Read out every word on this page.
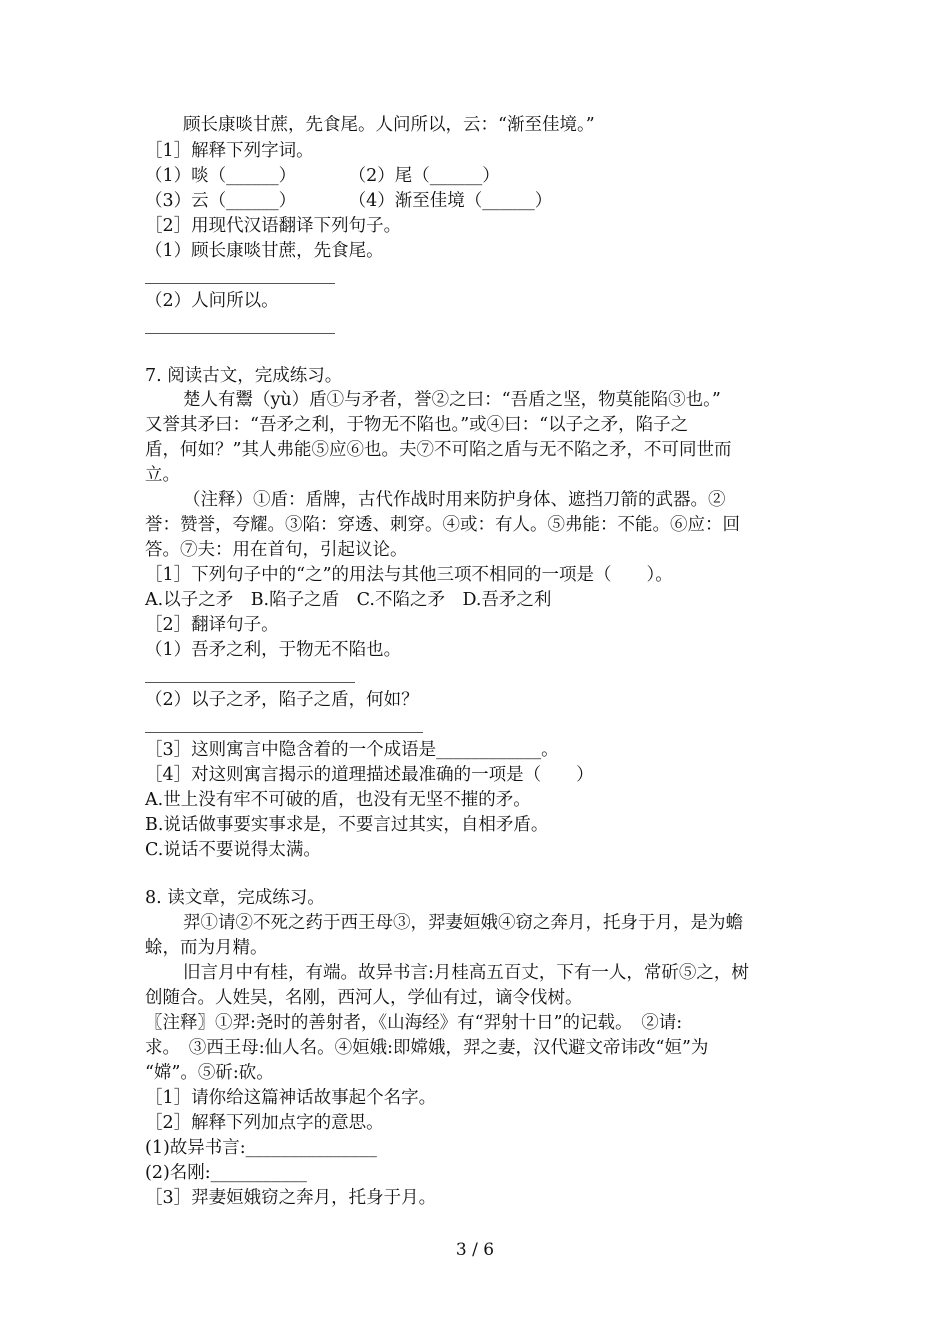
顾长康啖甘蔗，先食尾。人问所以，云：“渐至佳境。”
［1］解释下列字词。
（1）啖（______）　　　　（2）尾（______）
（3）云（______）　　　　（4）渐至佳境（______）
［2］用现代汉语翻译下列句子。
（1）顾长康啖甘蔗，先食尾。
（2）人问所以。
7. 阅读古文，完成练习。
楚人有鬻（yù）盾①与矛者，誉②之曰：“吾盾之坚，物莫能陷③也。”
又誉其矛曰：“吾矛之利，于物无不陷也。”或④曰：“以子之矛，陷子之
盾，何如？”其人弗能⑤应⑥也。夫⑦不可陷之盾与无不陷之矛，不可同世而
立。
（注释）①盾：盾牌，古代作战时用来防护身体、遮挡刀箭的武器。②
誉：赞誉，夸耀。③陷：穿透、刺穿。④或：有人。⑤弗能：不能。⑥应：回
答。⑦夫：用在首句，引起议论。
［1］下列句子中的“之”的用法与其他三项不相同的一项是（　　）。
A.以子之矛　B.陷子之盾　C.不陷之矛　D.吾矛之利
［2］翻译句子。
（1）吾矛之利，于物无不陷也。
（2）以子之矛，陷子之盾，何如？
［3］这则寓言中隐含着的一个成语是____________。
［4］对这则寓言揭示的道理描述最准确的一项是（　　）
A.世上没有牢不可破的盾，也没有无坚不摧的矛。
B.说话做事要实事求是，不要言过其实，自相矛盾。
C.说话不要说得太满。
8. 读文章，完成练习。
羿①请②不死之药于西王母③，羿妻姮娥④窃之奔月，托身于月，是为蟾
蜍，而为月精。
旧言月中有桂，有端。故异书言:月桂高五百丈，下有一人，常斫⑤之，树
创随合。人姓吴，名刚，西河人，学仙有过，谪令伐树。
〖注释〗①羿:尧时的善射者，《山海经》有“羿射十日”的记载。　②请:
求。　③西王母:仙人名。④姮娥:即嫦娥，羿之妻，汉代避文帝讳改“姮”为
“嫦”。⑤斫:砍。
［1］请你给这篇神话故事起个名字。
［2］解释下列加点字的意思。
(1)故异书言:_______________
(2)名刚:___________
［3］羿妻姮娥窃之奔月，托身于月。
3 / 6
